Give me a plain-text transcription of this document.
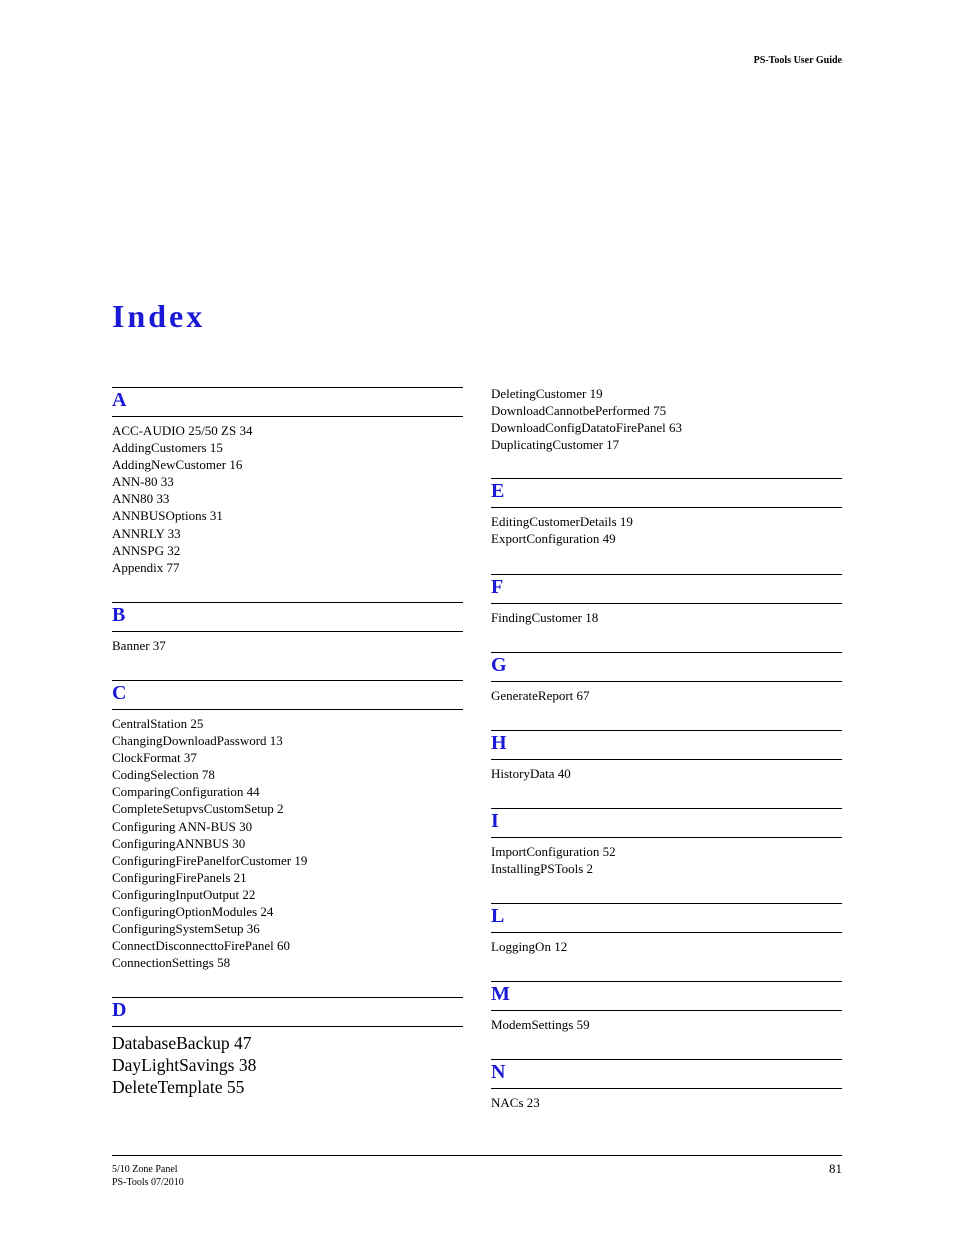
PS-Tools User Guide
Index
A
ACC-AUDIO 25/50 ZS 34
AddingCustomers 15
AddingNewCustomer 16
ANN-80 33
ANN80 33
ANNBUSOptions 31
ANNRLY 33
ANNSPG 32
Appendix 77
B
Banner 37
C
CentralStation 25
ChangingDownloadPassword 13
ClockFormat 37
CodingSelection 78
ComparingConfiguration 44
CompleteSetupvsCustomSetup 2
Configuring ANN-BUS 30
ConfiguringANNBUS 30
ConfiguringFirePanelforCustomer 19
ConfiguringFirePanels 21
ConfiguringInputOutput 22
ConfiguringOptionModules 24
ConfiguringSystemSetup 36
ConnectDisconnecttoFirePanel 60
ConnectionSettings 58
D
DatabaseBackup 47
DayLightSavings 38
DeleteTemplate 55
DeletingCustomer 19
DownloadCannotbePerformed 75
DownloadConfigDatatoFirePanel 63
DuplicatingCustomer 17
E
EditingCustomerDetails 19
ExportConfiguration 49
F
FindingCustomer 18
G
GenerateReport 67
H
HistoryData 40
I
ImportConfiguration 52
InstallingPSTools 2
L
LoggingOn 12
M
ModemSettings 59
N
NACs 23
5/10 Zone Panel
PS-Tools 07/2010
81
